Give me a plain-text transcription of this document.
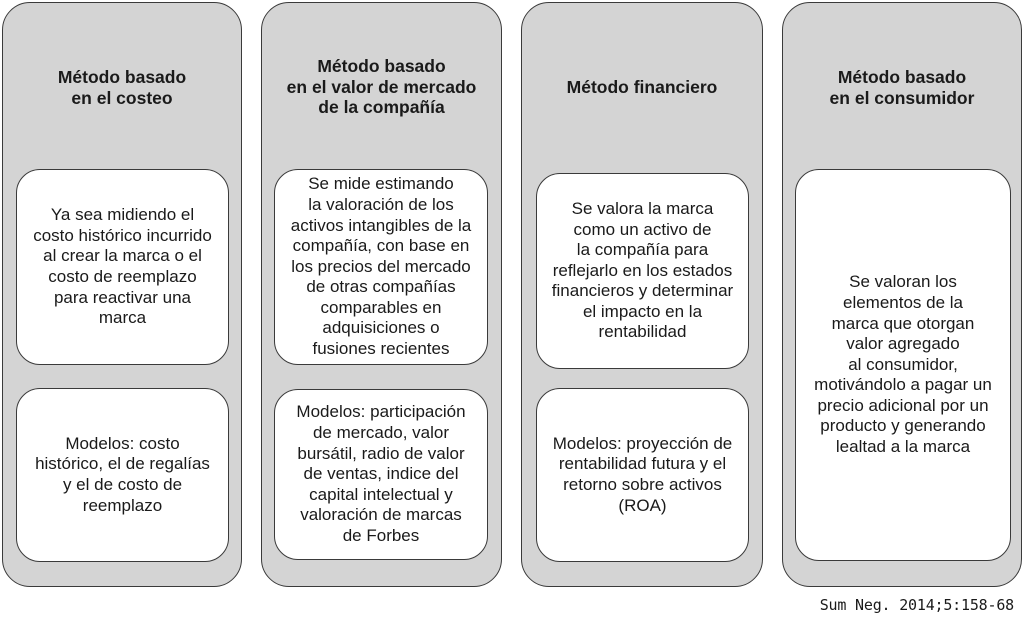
Método basado
en el costeo
Ya sea midiendo el
costo histórico incurrido
al crear la marca o el
costo de reemplazo
para reactivar una
marca
Modelos: costo
histórico, el de regalías
y el de costo de
reemplazo
Método basado
en el valor de mercado
de la compañía
Se mide estimando
la valoración de los
activos intangibles de la
compañía, con base en
los precios del mercado
de otras compañías
comparables en
adquisiciones o
fusiones recientes
Modelos: participación
de mercado, valor
bursátil, radio de valor
de ventas, indice del
capital intelectual y
valoración de marcas
de Forbes
Método financiero
Se valora la marca
como un activo de
la compañía para
reflejarlo en los estados
financieros y determinar
el impacto en la
rentabilidad
Modelos: proyección de
rentabilidad futura y el
retorno sobre activos
(ROA)
Método basado
en el consumidor
Se valoran los
elementos de la
marca que otorgan
valor agregado
al consumidor,
motivándolo a pagar un
precio adicional por un
producto y generando
lealtad a la marca
Sum Neg. 2014;5:158-68
